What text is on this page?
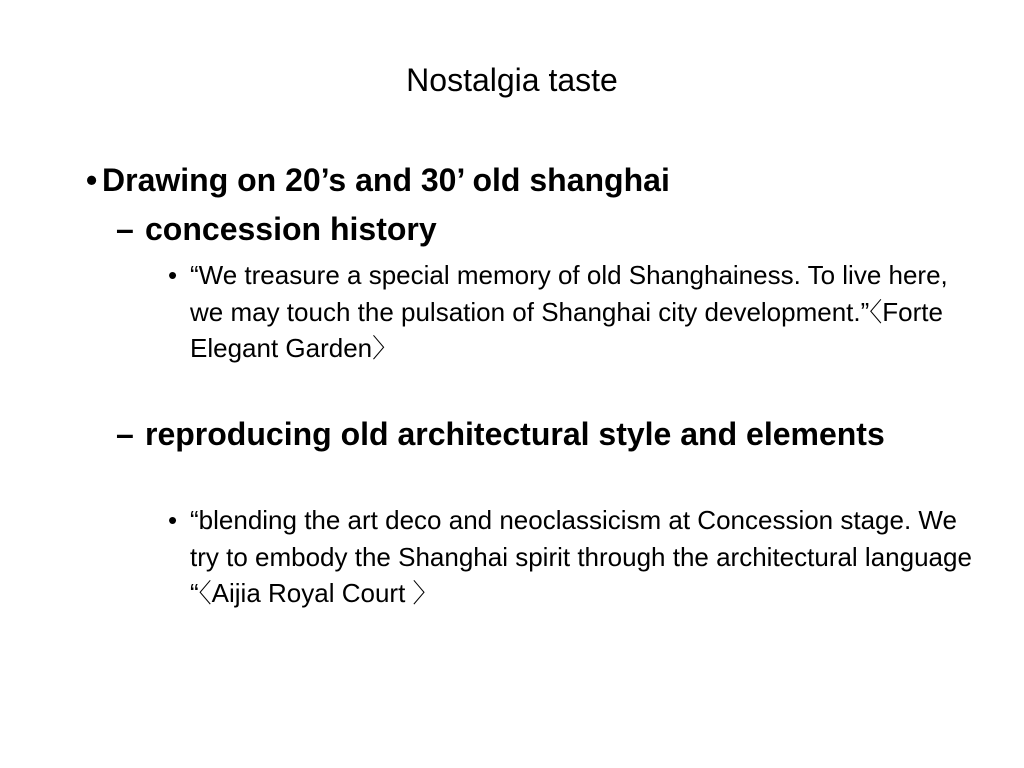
Nostalgia taste
• Drawing on 20’s and 30’ old shanghai
– concession history
• “We treasure a special memory of old Shanghainess. To live here, we may touch the pulsation of Shanghai city development.”〈Forte Elegant Garden〉
– reproducing old architectural style and elements
• “blending the art deco and neoclassicism at Concession stage. We try to embody the Shanghai spirit through the architectural language “〈Aijia Royal Court 〉
